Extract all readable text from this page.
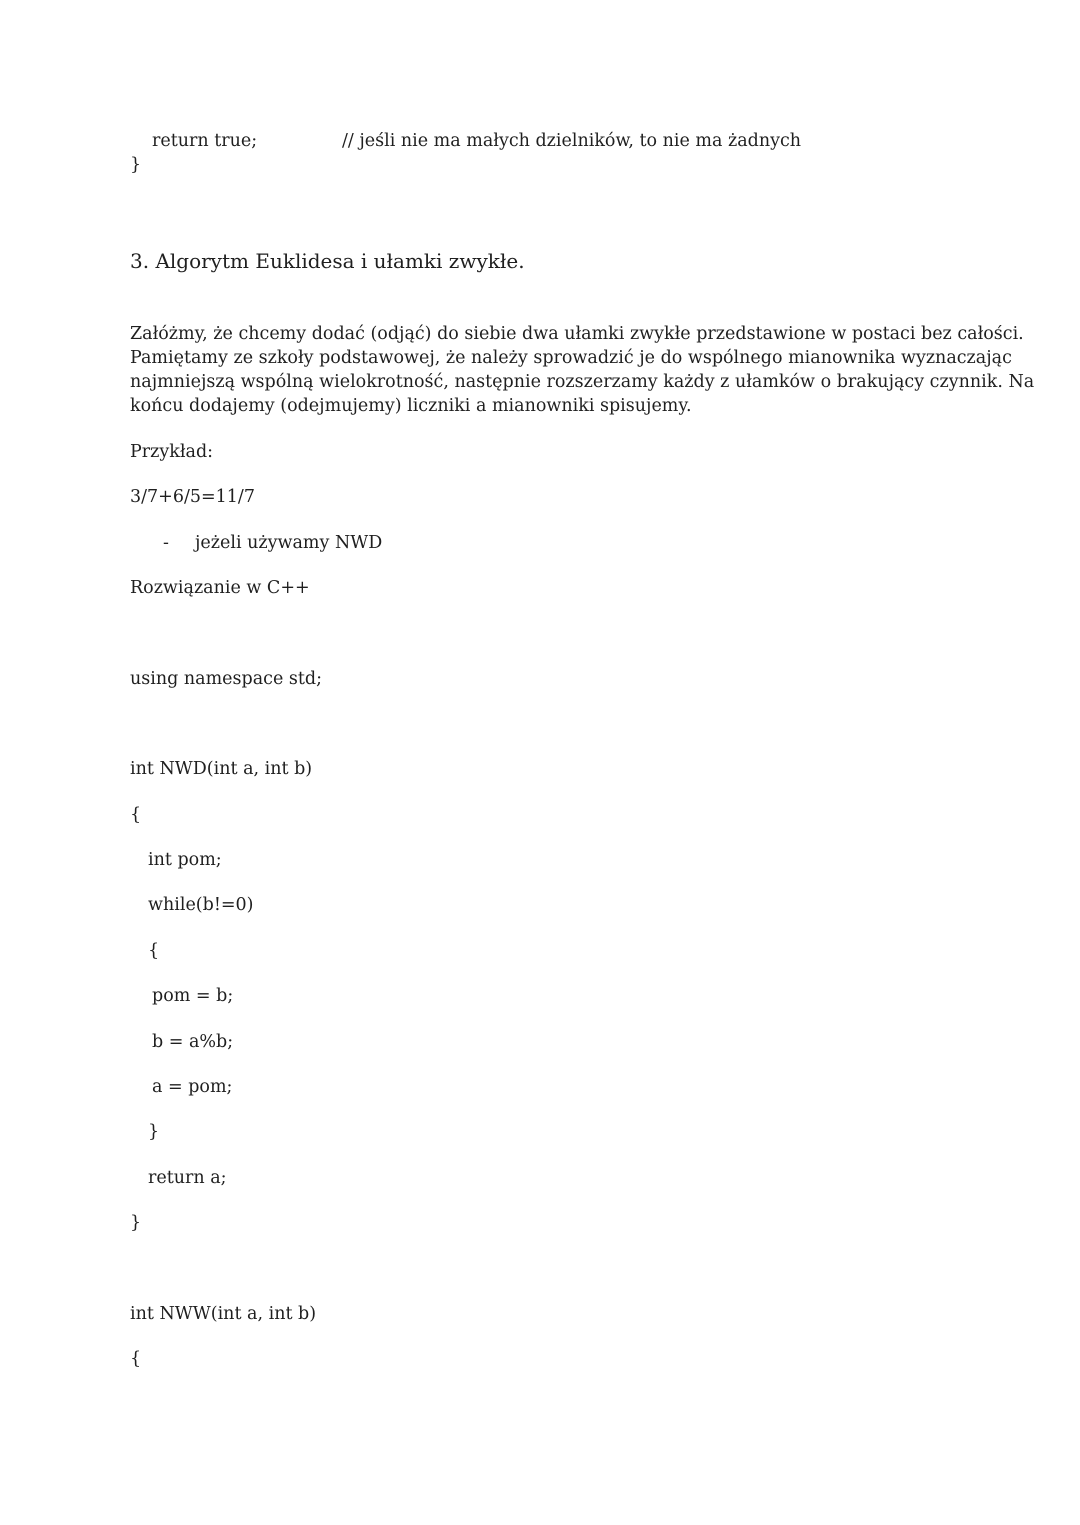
return true;	// jeśli nie ma małych dzielników, to nie ma żadnych
}
3. Algorytm Euklidesa i ułamki zwykłe.
Załóżmy, że chcemy dodać (odjąć) do siebie dwa ułamki zwykłe przedstawione w postaci bez całości.
Pamiętamy ze szkoły podstawowej, że należy sprowadzić je do wspólnego mianownika wyznaczając
najmniejszą wspólną wielokrotność, następnie rozszerzamy każdy z ułamków o brakujący czynnik. Na
końcu dodajemy (odejmujemy) liczniki a mianowniki spisujemy.
Przykład:
3/7+6/5=11/7
- jeżeli używamy NWD
Rozwiązanie w C++
using namespace std;
int NWD(int a, int b)
{
int pom;
while(b!=0)
{
pom = b;
b = a%b;
a = pom;
}
return a;
}
int NWW(int a, int b)
{
